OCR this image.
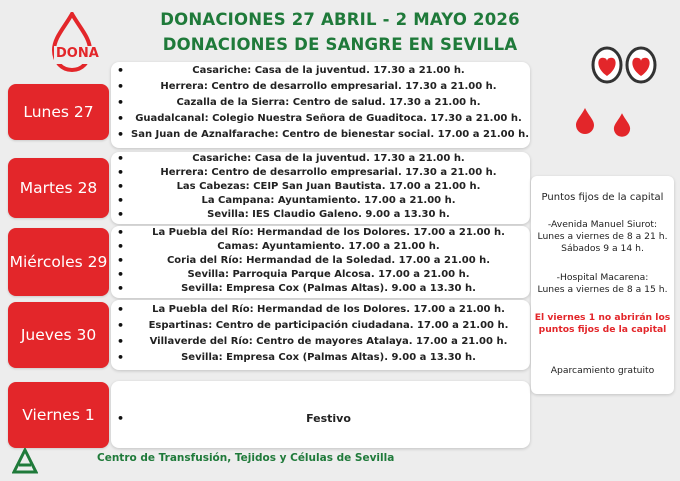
DONA
DONACIONES 27 ABRIL - 2 MAYO 2026
DONACIONES DE SANGRE EN SEVILLA
Lunes 27
Martes 28
Miércoles 29
Jueves 30
Viernes 1
• Casariche: Casa de la juventud. 17.30 a 21.00 h.
• Herrera: Centro de desarrollo empresarial. 17.30 a 21.00 h.
• Cazalla de la Sierra: Centro de salud. 17.30 a 21.00 h.
• Guadalcanal: Colegio Nuestra Señora de Guaditoca. 17.30 a 21.00 h.
• San Juan de Aznalfarache: Centro de bienestar social. 17.00 a 21.00 h.
• Casariche: Casa de la juventud. 17.30 a 21.00 h.
• Herrera: Centro de desarrollo empresarial. 17.30 a 21.00 h.
• Las Cabezas: CEIP San Juan Bautista. 17.00 a 21.00 h.
• La Campana: Ayuntamiento. 17.00 a 21.00 h.
• Sevilla: IES Claudio Galeno. 9.00 a 13.30 h.
• La Puebla del Río: Hermandad de los Dolores. 17.00 a 21.00 h.
• Camas: Ayuntamiento. 17.00 a 21.00 h.
• Coria del Río: Hermandad de la Soledad. 17.00 a 21.00 h.
• Sevilla: Parroquia Parque Alcosa. 17.00 a 21.00 h.
• Sevilla: Empresa Cox (Palmas Altas). 9.00 a 13.30 h.
• La Puebla del Río: Hermandad de los Dolores. 17.00 a 21.00 h.
• Espartinas: Centro de participación ciudadana. 17.00 a 21.00 h.
• Villaverde del Río: Centro de mayores Atalaya. 17.00 a 21.00 h.
• Sevilla: Empresa Cox (Palmas Altas). 9.00 a 13.30 h.
• Festivo
Puntos fijos de la capital
-Avenida Manuel Siurot:
Lunes a viernes de 8 a 21 h.
Sábados 9 a 14 h.
-Hospital Macarena:
Lunes a viernes de 8 a 15 h.
El viernes 1 no abrirán los
puntos fijos de la capital
Aparcamiento gratuito
Centro de Transfusión, Tejidos y Células de Sevilla
